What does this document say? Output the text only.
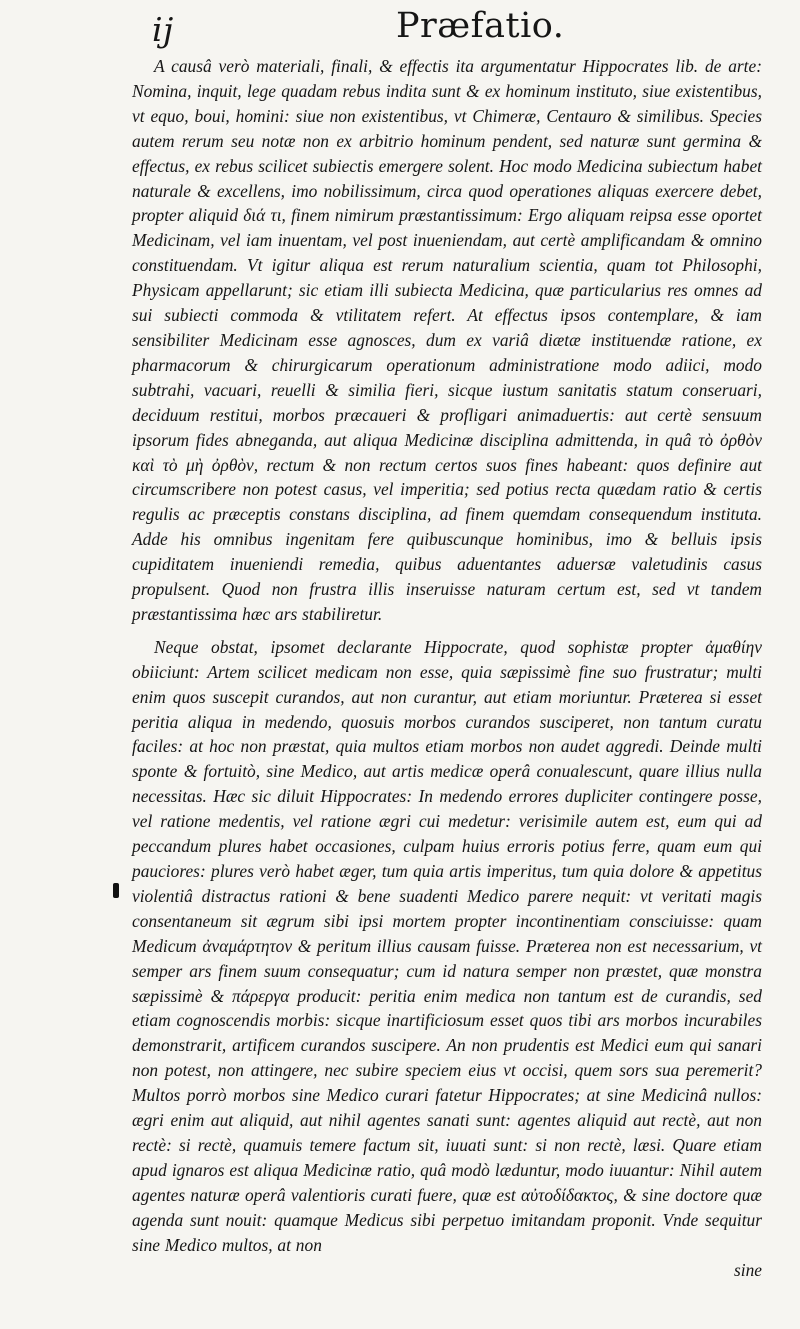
ij	Præfatio.

A causâ verò materiali, finali, & effectis ita argumentatur Hippocrates lib. de arte: Nomina, inquit, lege quadam rebus indita sunt & ex hominum instituto, siue existentibus, vt equo, boui, homini: siue non existentibus, vt Chimeræ, Centauro & similibus. Species autem rerum seu notæ non ex arbitrio hominum pendent, sed naturæ sunt germina & effectus, ex rebus scilicet subiectis emergere solent. Hoc modo Medicina subiectum habet naturale & excellens, imo nobilissimum, circa quod operationes aliquas exercere debet, propter aliquid διά τι, finem nimirum præstantissimum: Ergo aliquam reipsa esse oportet Medicinam, vel iam inuentam, vel post inueniendam, aut certè amplificandam & omnino constituendam. Vt igitur aliqua est rerum naturalium scientia, quam tot Philosophi, Physicam appellarunt; sic etiam illi subiecta Medicina, quæ particularius res omnes ad sui subiecti commoda & vtilitatem refert. At effectus ipsos contemplare, & iam sensibiliter Medicinam esse agnosces, dum ex variâ diætæ instituendæ ratione, ex pharmacorum & chirurgicarum operationum administratione modo adiici, modo subtrahi, vacuari, reuelli & similia fieri, sicque iustum sanitatis statum conseruari, deciduum restitui, morbos præcaueri & profligari animaduertis: aut certè sensuum ipsorum fides abneganda, aut aliqua Medicinæ disciplina admittenda, in quâ τὸ ὀρθὸν καὶ τὸ μὴ ὀρθὸν, rectum & non rectum certos suos fines habeant: quos definire aut circumscribere non potest casus, vel imperitia; sed potius recta quædam ratio & certis regulis ac præceptis constans disciplina, ad finem quemdam consequendum instituta. Adde his omnibus ingenitam fere quibuscunque hominibus, imo & belluis ipsis cupiditatem inueniendi remedia, quibus aduentantes aduersæ valetudinis casus propulsent. Quod non frustra illis inseruisse naturam certum est, sed vt tandem præstantissima hæc ars stabiliretur.

Neque obstat, ipsomet declarante Hippocrate, quod sophistæ propter ἀμαθίην obiiciunt: Artem scilicet medicam non esse, quia sæpissimè fine suo frustratur; multi enim quos suscepit curandos, aut non curantur, aut etiam moriuntur. Præterea si esset peritia aliqua in medendo, quosuis morbos curandos susciperet, non tantum curatu faciles: at hoc non præstat, quia multos etiam morbos non audet aggredi. Deinde multi sponte & fortuitò, sine Medico, aut artis medicæ operâ conualescunt, quare illius nulla necessitas. Hæc sic diluit Hippocrates: In medendo errores dupliciter contingere posse, vel ratione medentis, vel ratione ægri cui medetur: verisimile autem est, eum qui ad peccandum plures habet occasiones, culpam huius erroris potius ferre, quam eum qui pauciores: plures verò habet æger, tum quia artis imperitus, tum quia dolore & appetitus violentiâ distractus rationi & bene suadenti Medico parere nequit: vt veritati magis consentaneum sit ægrum sibi ipsi mortem propter incontinentiam consciuisse: quam Medicum ἀναμάρτητον & peritum illius causam fuisse. Præterea non est necessarium, vt semper ars finem suum consequatur; cum id natura semper non præstet, quæ monstra sæpissimè & πάρεργα producit: peritia enim medica non tantum est de curandis, sed etiam cognoscendis morbis: sicque inartificiosum esset quos tibi ars morbos incurabiles demonstrarit, artificem curandos suscipere. An non prudentis est Medici eum qui sanari non potest, non attingere, nec subire speciem eius vt occisi, quem sors sua peremerit? Multos porrò morbos sine Medico curari fatetur Hippocrates; at sine Medicinâ nullos: ægri enim aut aliquid, aut nihil agentes sanati sunt: agentes aliquid aut rectè, aut non rectè: si rectè, quamuis temere factum sit, iuuati sunt: si non rectè, læsi. Quare etiam apud ignaros est aliqua Medicinæ ratio, quâ modò læduntur, modo iuuantur: Nihil autem agentes naturæ operâ valentioris curati fuere, quæ est αὐτοδίδακτος, & sine doctore quæ agenda sunt nouit: quamque Medicus sibi perpetuo imitandam proponit. Vnde sequitur sine Medico multos, at non

sine
